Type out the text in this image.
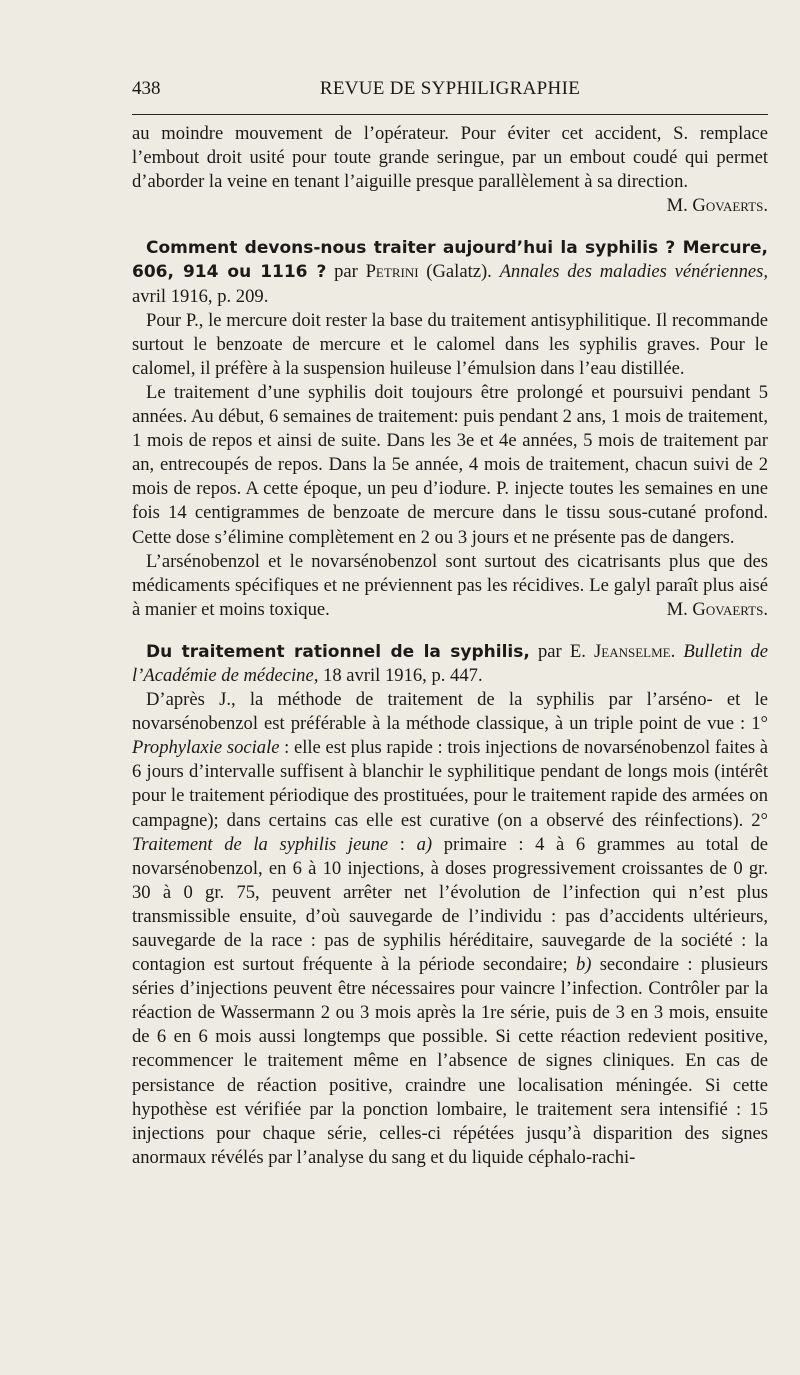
438	REVUE DE SYPHILIGRAPHIE

au moindre mouvement de l’opérateur. Pour éviter cet accident, S. remplace l’embout droit usité pour toute grande seringue, par un embout coudé qui permet d’aborder la veine en tenant l’aiguille presque parallèlement à sa direction.
M. Govaerts.

Comment devons-nous traiter aujourd’hui la syphilis ? Mercure, 606, 914 ou 1116 ? par Petrini (Galatz). Annales des maladies vénériennes, avril 1916, p. 209.

Pour P., le mercure doit rester la base du traitement antisyphilitique. Il recommande surtout le benzoate de mercure et le calomel dans les syphilis graves. Pour le calomel, il préfère à la suspension huileuse l’émulsion dans l’eau distillée.

Le traitement d’une syphilis doit toujours être prolongé et poursuivi pendant 5 années. Au début, 6 semaines de traitement: puis pendant 2 ans, 1 mois de traitement, 1 mois de repos et ainsi de suite. Dans les 3e et 4e années, 5 mois de traitement par an, entrecoupés de repos. Dans la 5e année, 4 mois de traitement, chacun suivi de 2 mois de repos. A cette époque, un peu d’iodure. P. injecte toutes les semaines en une fois 14 centigrammes de benzoate de mercure dans le tissu sous-cutané profond. Cette dose s’élimine complètement en 2 ou 3 jours et ne présente pas de dangers.

L’arsénobenzol et le novarsénobenzol sont surtout des cicatrisants plus que des médicaments spécifiques et ne préviennent pas les récidives. Le galyl paraît plus aisé à manier et moins toxique.	M. Govaerts.

Du traitement rationnel de la syphilis, par E. Jeanselme. Bulletin de l’Académie de médecine, 18 avril 1916, p. 447.

D’après J., la méthode de traitement de la syphilis par l’arséno- et le novarsénobenzol est préférable à la méthode classique, à un triple point de vue : 1° Prophylaxie sociale : elle est plus rapide : trois injections de novarsénobenzol faites à 6 jours d’intervalle suffisent à blanchir le syphilitique pendant de longs mois (intérêt pour le traitement périodique des prostituées, pour le traitement rapide des armées on campagne); dans certains cas elle est curative (on a observé des réinfections). 2° Traitement de la syphilis jeune : a) primaire : 4 à 6 grammes au total de novarsénobenzol, en 6 à 10 injections, à doses progressivement croissantes de 0 gr. 30 à 0 gr. 75, peuvent arrêter net l’évolution de l’infection qui n’est plus transmissible ensuite, d’où sauvegarde de l’individu : pas d’accidents ultérieurs, sauvegarde de la race : pas de syphilis héréditaire, sauvegarde de la société : la contagion est surtout fréquente à la période secondaire; b) secondaire : plusieurs séries d’injections peuvent être nécessaires pour vaincre l’infection. Contrôler par la réaction de Wassermann 2 ou 3 mois après la 1re série, puis de 3 en 3 mois, ensuite de 6 en 6 mois aussi longtemps que possible. Si cette réaction redevient positive, recommencer le traitement même en l’absence de signes cliniques. En cas de persistance de réaction positive, craindre une localisation méningée. Si cette hypothèse est vérifiée par la ponction lombaire, le traitement sera intensifié : 15 injections pour chaque série, celles-ci répétées jusqu’à disparition des signes anormaux révélés par l’analyse du sang et du liquide céphalo-rachi-
